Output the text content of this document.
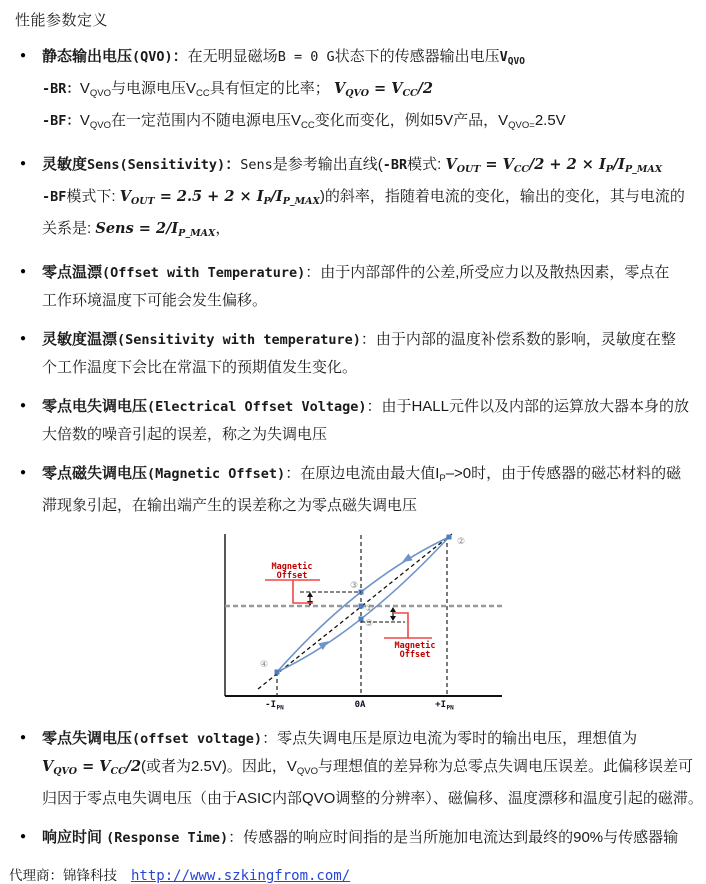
性能参数定义
●	静态输出电压(QVO)：在无明显磁场B = 0 G状态下的传感器输出电压$V_{QVO}$
-BR：$V_{QVO}$与电源电压$V_{CC}$具有恒定的比率； $V_{QVO} = V_{CC}/2$
-BF：$V_{QVO}$在一定范围内不随电源电压$V_{CC}$变化而变化，例如5V产品，$V_{QVO=}2.5V$
●	灵敏度Sens(Sensitivity)：Sens是参考输出直线(-BR模式: $V_{OUT} = V_{CC}/2 + 2 \times I_P/I_{P\_MAX}$
-BF模式下: $V_{OUT} = 2.5 + 2 \times I_P/I_{P\_MAX}$)的斜率，指随着电流的变化，输出的变化，其与电流的
关系是: Sens = $2/I_{P\_MAX}$，
●	零点温漂(Offset with Temperature)：由于内部部件的公差,所受应力以及散热因素，零点在
工作环境温度下可能会发生偏移。
●	灵敏度温漂(Sensitivity with temperature)：由于内部的温度补偿系数的影响，灵敏度在整
个工作温度下会比在常温下的预期值发生变化。
●	零点电失调电压(Electrical Offset Voltage)：由于HALL元件以及内部的运算放大器本身的放
大倍数的噪音引起的误差，称之为失调电压
●	零点磁失调电压(Magnetic Offset)：在原边电流由最大值$I_P->0$时，由于传感器的磁芯材料的磁
滞现象引起，在输出端产生的误差称之为零点磁失调电压
Magnetic
Offset
Magnetic
Offset
②
③
①
⑤
④
-I PN	0A	+I PN
●	零点失调电压(offset voltage)：零点失调电压是原边电流为零时的输出电压，理想值为
$V_{QVO} = V_{CC}/2$(或者为2.5V)。因此，$V_{QVO}$与理想值的差异称为总零点失调电压误差。此偏移误差可
归因于零点电失调电压（由于ASIC内部QVO调整的分辨率）、磁偏移、温度漂移和温度引起的磁滞。
●	响应时间 (Response Time)：传感器的响应时间指的是当所施加电流达到最终的90%与传感器输
代理商：锦锋科技 http://www.szkingfrom.com/
